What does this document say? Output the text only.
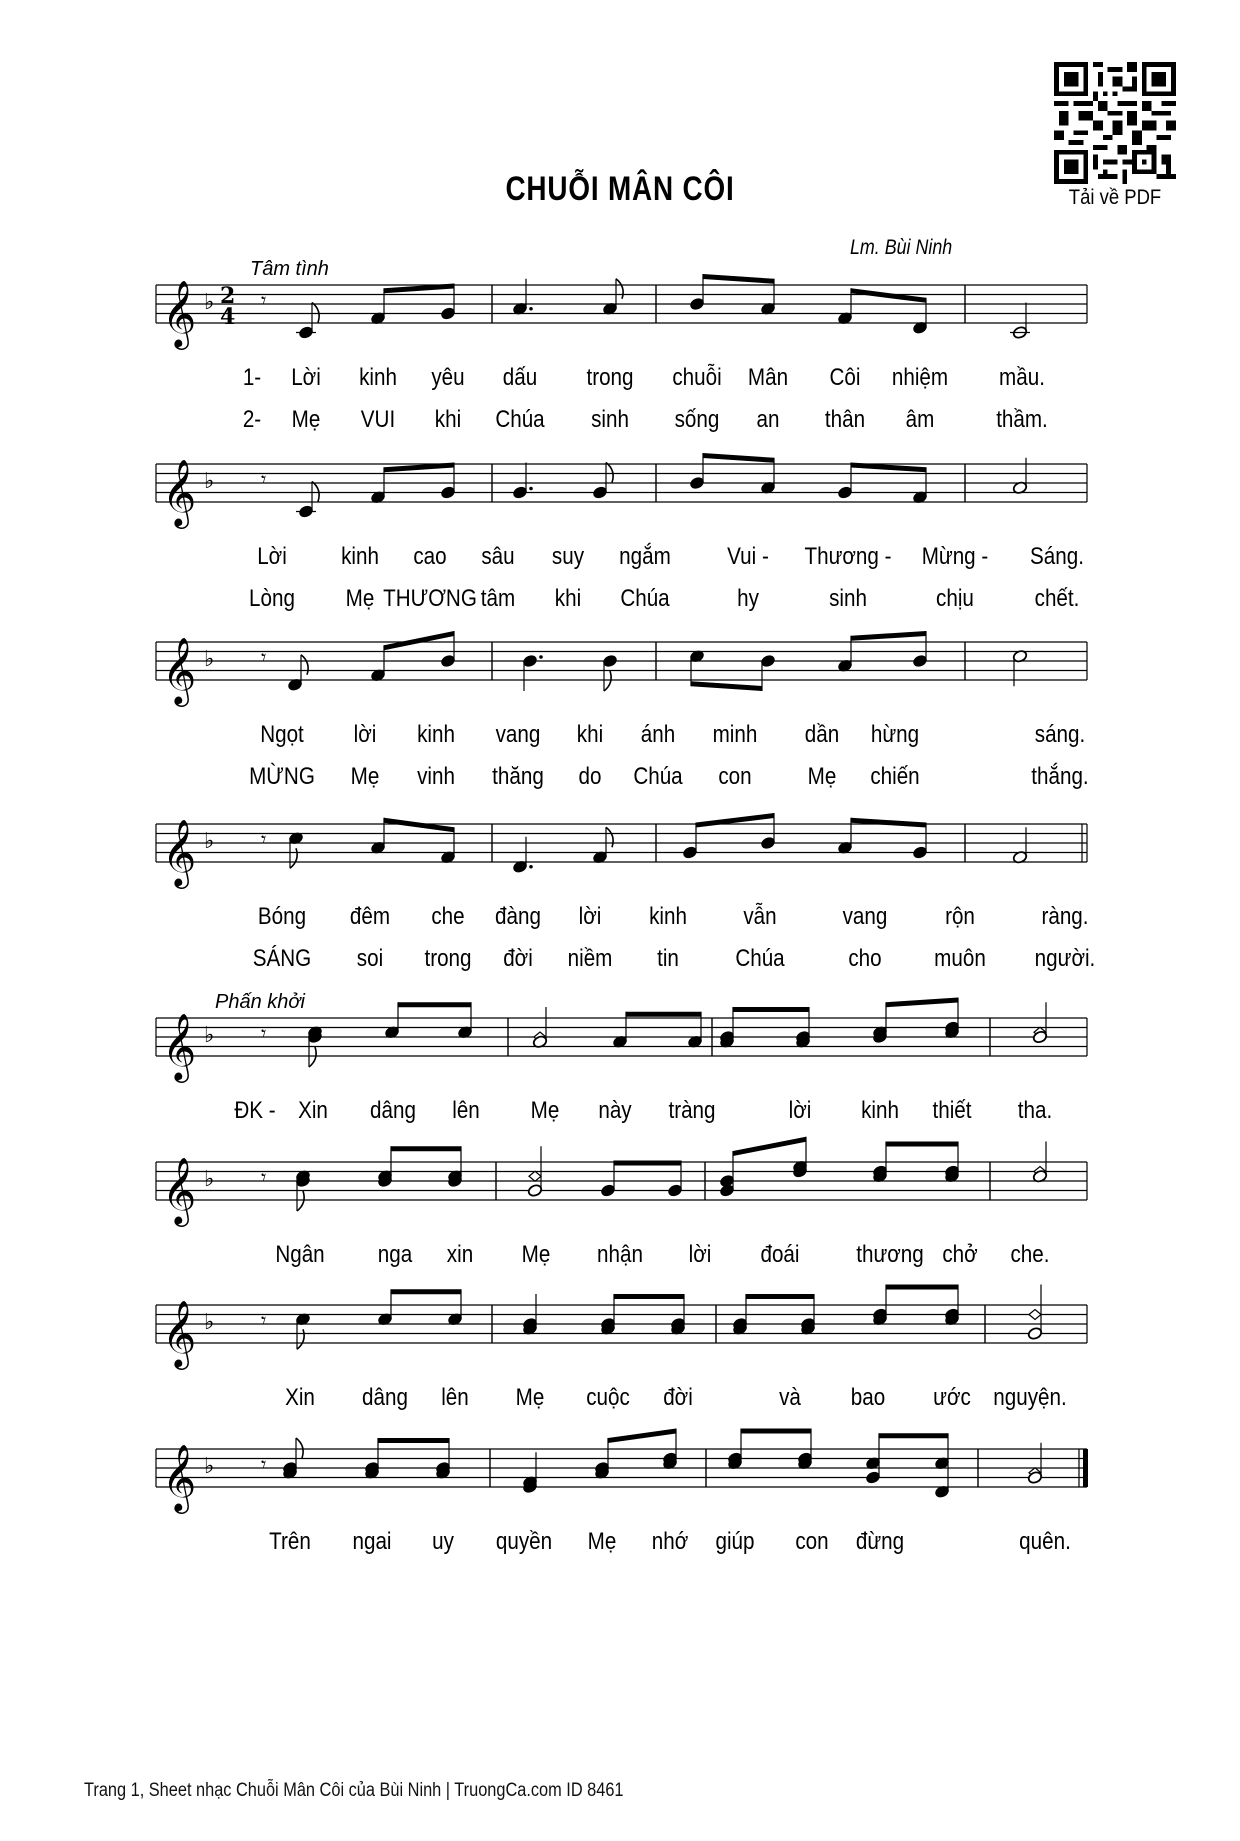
CHUỖI MÂN CÔI
Lm. Bùi Ninh
Tải về PDF
𝄞 ♭ 2
4
Tâm tình
𝄾
1- Lời kinh yêu dấu trong chuỗi Mân Côi nhiệm mầu.
2- Mẹ VUI khi Chúa sinh sống an thân âm	thầm.
𝄞 ♭ 𝄾
Lời kinh cao sâu suy ngắm Vui - Thương - Mừng - Sáng.
Lòng Mẹ THƯƠNG tâm khi Chúa	hy	sinh	chịu	chết.
𝄞 ♭ 𝄾
Ngọt lời kinh vang khi ánh minh dần hừng	sáng.
MỪNG Mẹ vinh thăng do Chúa con Mẹ chiến	thắng.
𝄞 ♭ 𝄾
Bóng đêm che đàng lời kinh vẫn	vang rộn	ràng.
SÁNG soi trong đời niềm tin Chúa	cho muôn người.
𝄞 ♭
Phấn khởi
𝄾
ĐK - Xin dâng lên Mẹ này tràng	lời kinh thiết tha.
𝄞 ♭ 𝄾
Ngân nga xin Mẹ nhận lời đoái thương chở che.
𝄞 ♭ 𝄾
Xin dâng lên Mẹ cuộc đời	và bao ước nguyện.
𝄞 ♭ 𝄾
Trên ngai uy quyền Mẹ nhớ giúp con đừng	quên.
Trang 1, Sheet nhạc Chuỗi Mân Côi của Bùi Ninh | TruongCa.com ID 8461
